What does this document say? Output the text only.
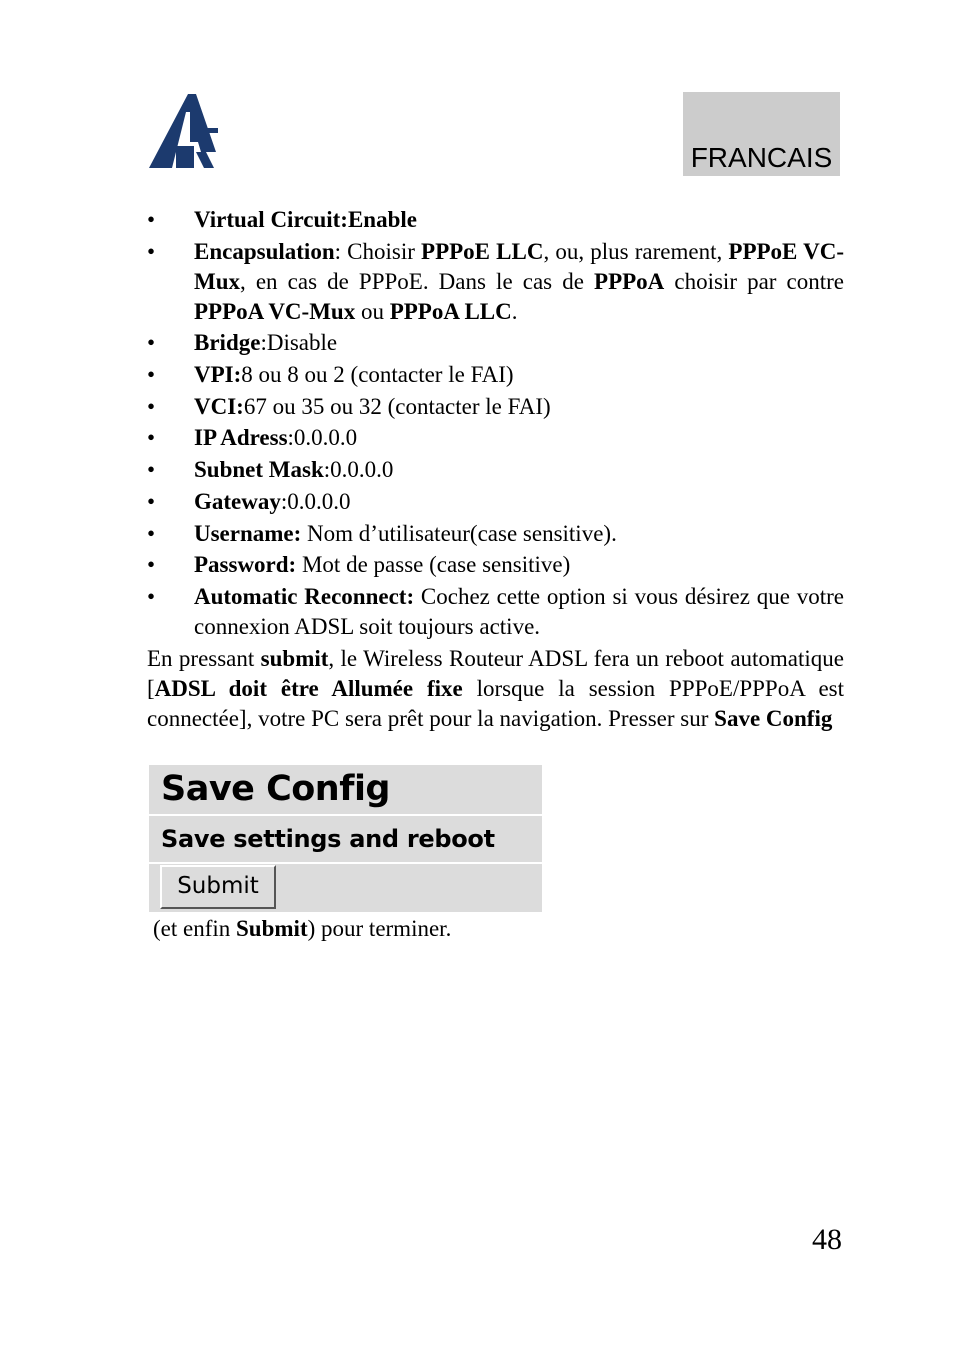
FRANCAIS
•	Virtual Circuit:Enable
•	Encapsulation: Choisir PPPoE LLC, ou, plus rarement, PPPoE VC-Mux, en cas de PPPoE. Dans le cas de PPPoA choisir par contre PPPoA VC-Mux ou PPPoA LLC.
•	Bridge:Disable
•	VPI:8 ou 8 ou 2 (contacter le FAI)
•	VCI:67 ou 35 ou 32 (contacter le FAI)
•	IP Adress:0.0.0.0
•	Subnet Mask:0.0.0.0
•	Gateway:0.0.0.0
•	Username: Nom d’utilisateur(case sensitive).
•	Password: Mot de passe (case sensitive)
•	Automatic Reconnect: Cochez cette option si vous désirez que votre connexion ADSL soit toujours active.

En pressant submit, le Wireless Routeur ADSL fera un reboot automatique [ADSL doit être Allumée fixe lorsque la session PPPoE/PPPoA est connectée], votre PC sera prêt pour la navigation. Presser sur Save Config

Save Config
Save settings and reboot
Submit
(et enfin Submit) pour terminer.
48
